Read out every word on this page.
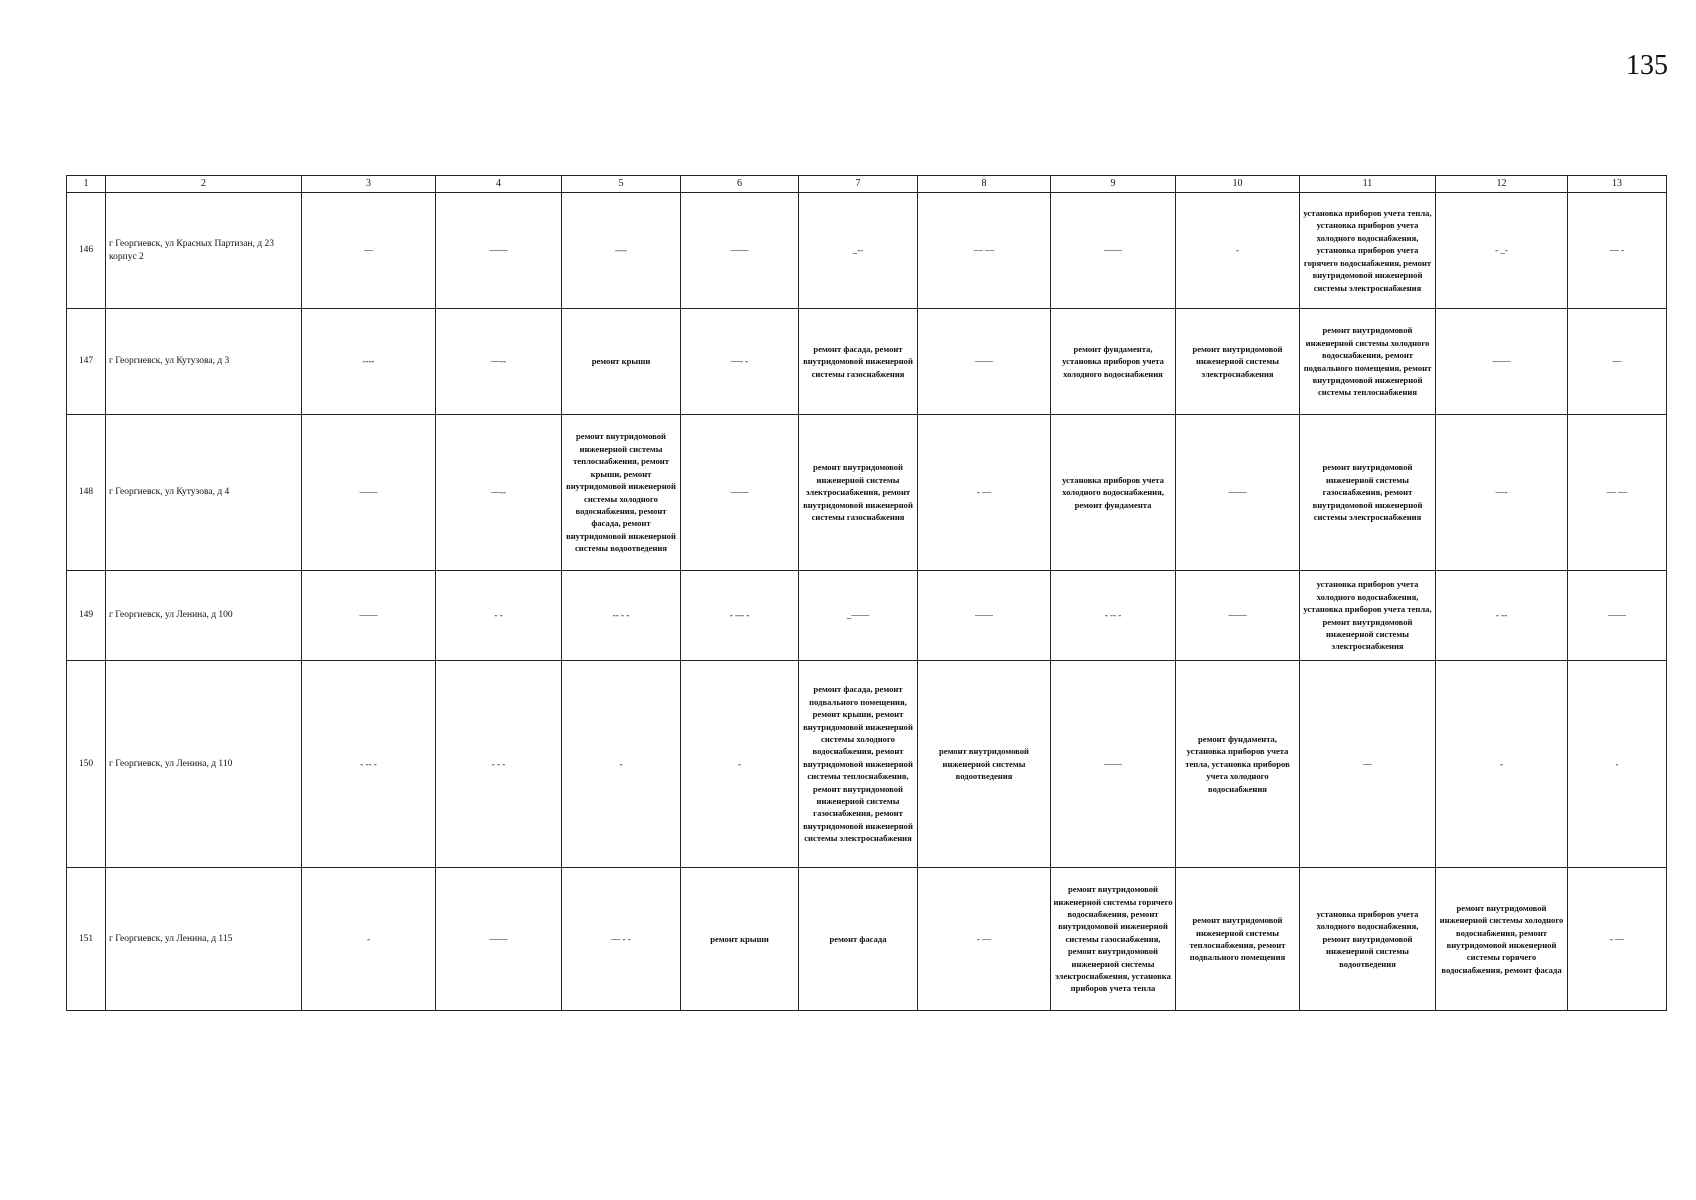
135
1	2	3	4	5	6	7	8	9	10	11	12	13
146	г Георгиевск, ул Красных Партизан, д 23 корпус 2	—	——	----	——	_--	— —	——	-	установка приборов учета тепла, установка приборов учета холодного водоснабжения, установка приборов учета горячего водоснабжения, ремонт внутридомовой инженерной системы электроснабжения	- _-	— -
147	г Георгиевск, ул Кутузова, д 3	----	—--	ремонт крыши	—- -	ремонт фасада, ремонт внутридомовой инженерной системы газоснабжения	——	ремонт фундамента, установка приборов учета холодного водоснабжения	ремонт внутридомовой инженерной системы электроснабжения	ремонт внутридомовой инженерной системы холодного водоснабжения, ремонт подвального помещения, ремонт внутридомовой инженерной системы теплоснабжения	——	—
148	г Георгиевск, ул Кутузова, д 4	——	—--	ремонт внутридомовой инженерной системы теплоснабжения, ремонт крыши, ремонт внутридомовой инженерной системы холодного водоснабжения, ремонт фасада, ремонт внутридомовой инженерной системы водоотведения	——	ремонт внутридомовой инженерной системы электроснабжения, ремонт внутридомовой инженерной системы газоснабжения	- —	установка приборов учета холодного водоснабжения, ремонт фундамента	——	ремонт внутридомовой инженерной системы газоснабжения, ремонт внутридомовой инженерной системы электроснабжения	—-	— —
149	г Георгиевск, ул Ленина, д 100	——	- -	-- - -	- --- -	_——	——	- -- -	——	установка приборов учета холодного водоснабжения, установка приборов учета тепла, ремонт внутридомовой инженерной системы электроснабжения	- --	——
150	г Георгиевск, ул Ленина, д 110	- -- -	- - -	-	-	ремонт фасада, ремонт подвального помещения, ремонт крыши, ремонт внутридомовой инженерной системы холодного водоснабжения, ремонт внутридомовой инженерной системы теплоснабжения, ремонт внутридомовой инженерной системы газоснабжения, ремонт внутридомовой инженерной системы электроснабжения	ремонт внутридомовой инженерной системы водоотведения	——	ремонт фундамента, установка приборов учета тепла, установка приборов учета холодного водоснабжения	—	-	-
151	г Георгиевск, ул Ленина, д 115	-	——	— - -	ремонт крыши	ремонт фасада	- —	ремонт внутридомовой инженерной системы горячего водоснабжения, ремонт внутридомовой инженерной системы газоснабжения, ремонт внутридомовой инженерной системы электроснабжения, установка приборов учета тепла	ремонт внутридомовой инженерной системы теплоснабжения, ремонт подвального помещения	установка приборов учета холодного водоснабжения, ремонт внутридомовой инженерной системы водоотведения	ремонт внутридомовой инженерной системы холодного водоснабжения, ремонт внутридомовой инженерной системы горячего водоснабжения, ремонт фасада	- —
